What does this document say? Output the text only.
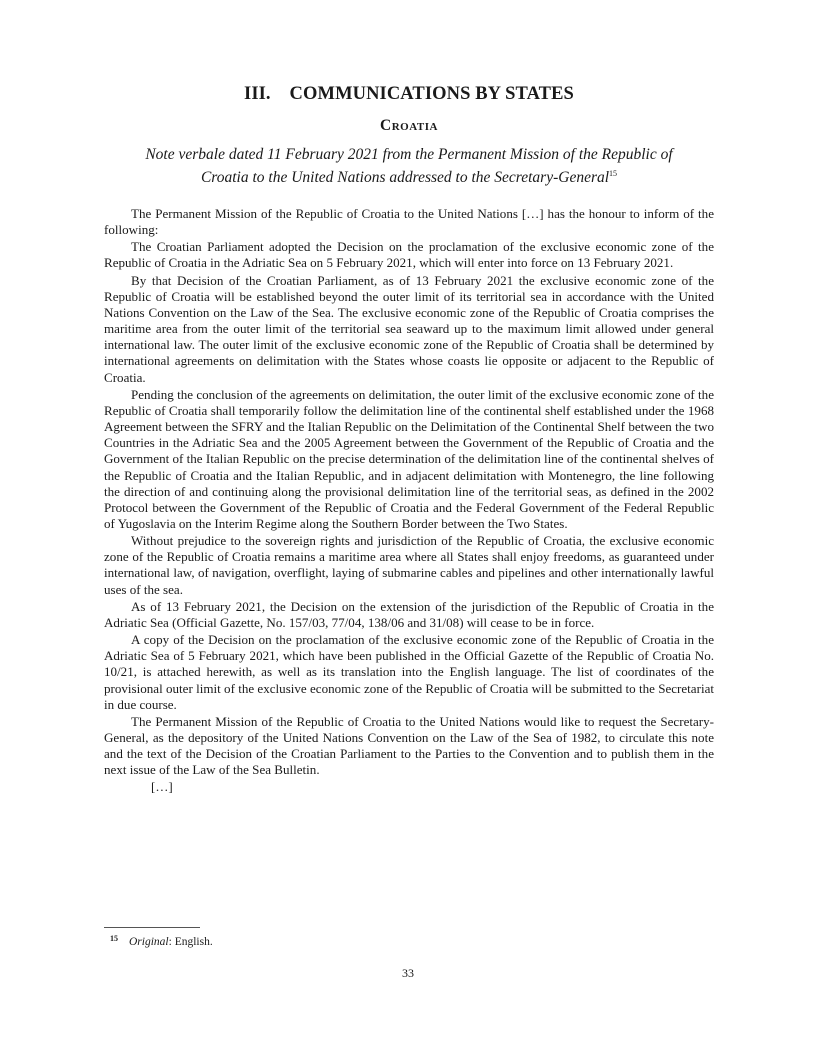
III.    COMMUNICATIONS BY STATES
Croatia
Note verbale dated 11 February 2021 from the Permanent Mission of the Republic of Croatia to the United Nations addressed to the Secretary-General$^{15}$

The Permanent Mission of the Republic of Croatia to the United Nations […] has the honour to inform of the following:

The Croatian Parliament adopted the Decision on the proclamation of the exclusive economic zone of the Republic of Croatia in the Adriatic Sea on 5 February 2021, which will enter into force on 13 February 2021.

By that Decision of the Croatian Parliament, as of 13 February 2021 the exclusive economic zone of the Republic of Croatia will be established beyond the outer limit of its territorial sea in accordance with the United Nations Convention on the Law of the Sea. The exclusive economic zone of the Republic of Croatia comprises the maritime area from the outer limit of the territorial sea seaward up to the maximum limit allowed under general international law. The outer limit of the exclusive economic zone of the Republic of Croatia shall be determined by international agreements on delimitation with the States whose coasts lie opposite or adjacent to the Republic of Croatia.

Pending the conclusion of the agreements on delimitation, the outer limit of the exclusive economic zone of the Republic of Croatia shall temporarily follow the delimitation line of the continental shelf established under the 1968 Agreement between the SFRY and the Italian Republic on the Delimitation of the Continental Shelf between the two Countries in the Adriatic Sea and the 2005 Agreement between the Government of the Republic of Croatia and the Government of the Italian Republic on the precise determination of the delimitation line of the continental shelves of the Republic of Croatia and the Italian Republic, and in adjacent delimitation with Montenegro, the line following the direction of and continuing along the provisional delimitation line of the territorial seas, as defined in the 2002 Protocol between the Government of the Republic of Croatia and the Federal Government of the Federal Republic of Yugoslavia on the Interim Regime along the Southern Border between the Two States.

Without prejudice to the sovereign rights and jurisdiction of the Republic of Croatia, the exclusive economic zone of the Republic of Croatia remains a maritime area where all States shall enjoy freedoms, as guaranteed under international law, of navigation, overflight, laying of submarine cables and pipelines and other internationally lawful uses of the sea.

As of 13 February 2021, the Decision on the extension of the jurisdiction of the Republic of Croatia in the Adriatic Sea (Official Gazette, No. 157/03, 77/04, 138/06 and 31/08) will cease to be in force.

A copy of the Decision on the proclamation of the exclusive economic zone of the Republic of Croatia in the Adriatic Sea of 5 February 2021, which have been published in the Official Gazette of the Republic of Croatia No. 10/21, is attached herewith, as well as its translation into the English language. The list of coordinates of the provisional outer limit of the exclusive economic zone of the Republic of Croatia will be submitted to the Secretariat in due course.

The Permanent Mission of the Republic of Croatia to the United Nations would like to request the Secretary-General, as the depository of the United Nations Convention on the Law of the Sea of 1982, to circulate this note and the text of the Decision of the Croatian Parliament to the Parties to the Convention and to publish them in the next issue of the Law of the Sea Bulletin.

[…]
$^{15}$ Original: English.
33
